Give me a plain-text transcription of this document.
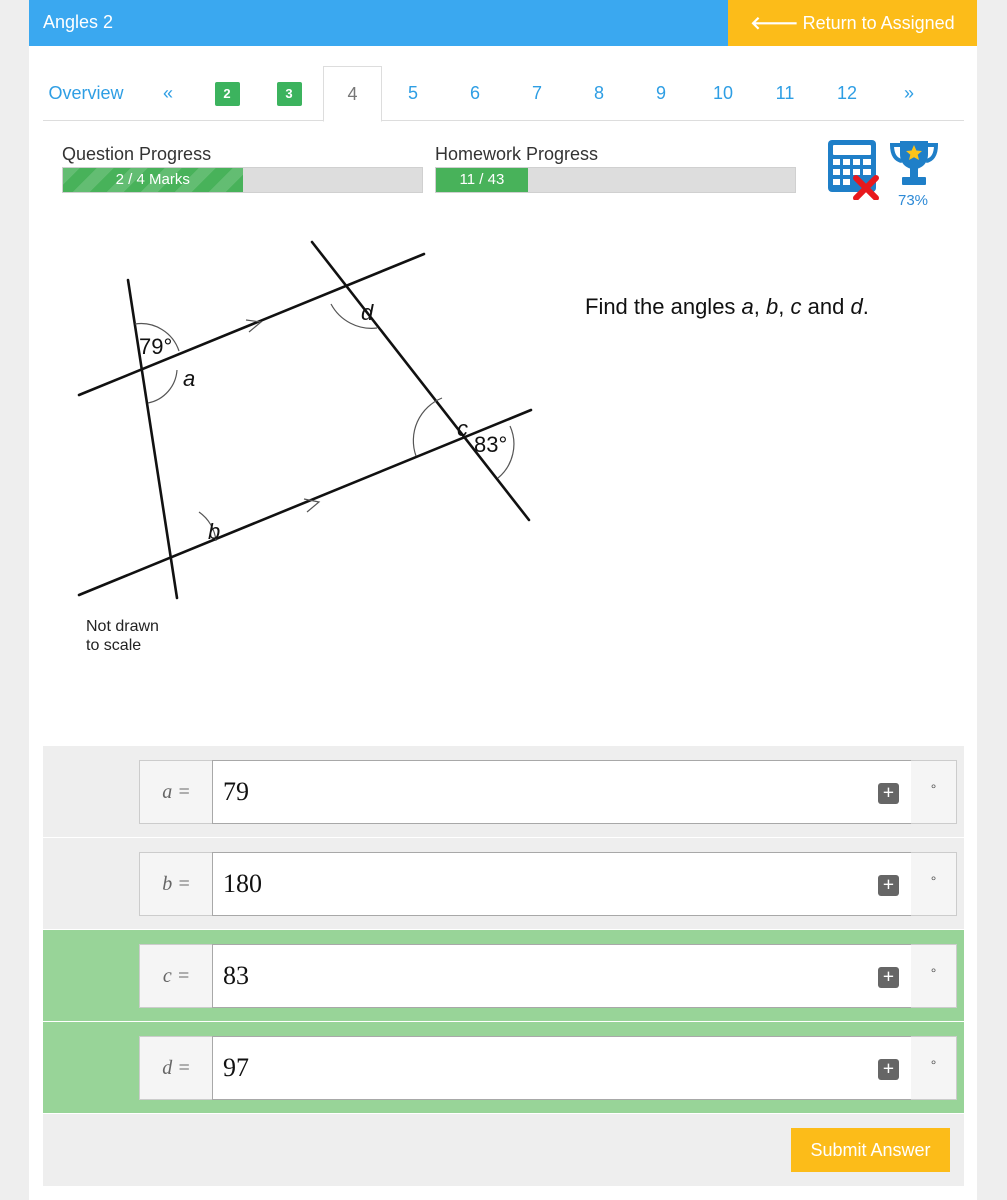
Angles 2	🡐 Return to Assigned Work
Overview	«	2	3	4	5	6	7	8	9	10	11	12	»
Question Progress
2 / 4 Marks
Homework Progress
11 / 43
73%
79°
a
d
c
83°
b
Not drawn
to scale
Find the angles a, b, c and d.
a =	79	+	°
b =	180	+	°
c =	83	+	°
d =	97	+	°
Submit Answer
